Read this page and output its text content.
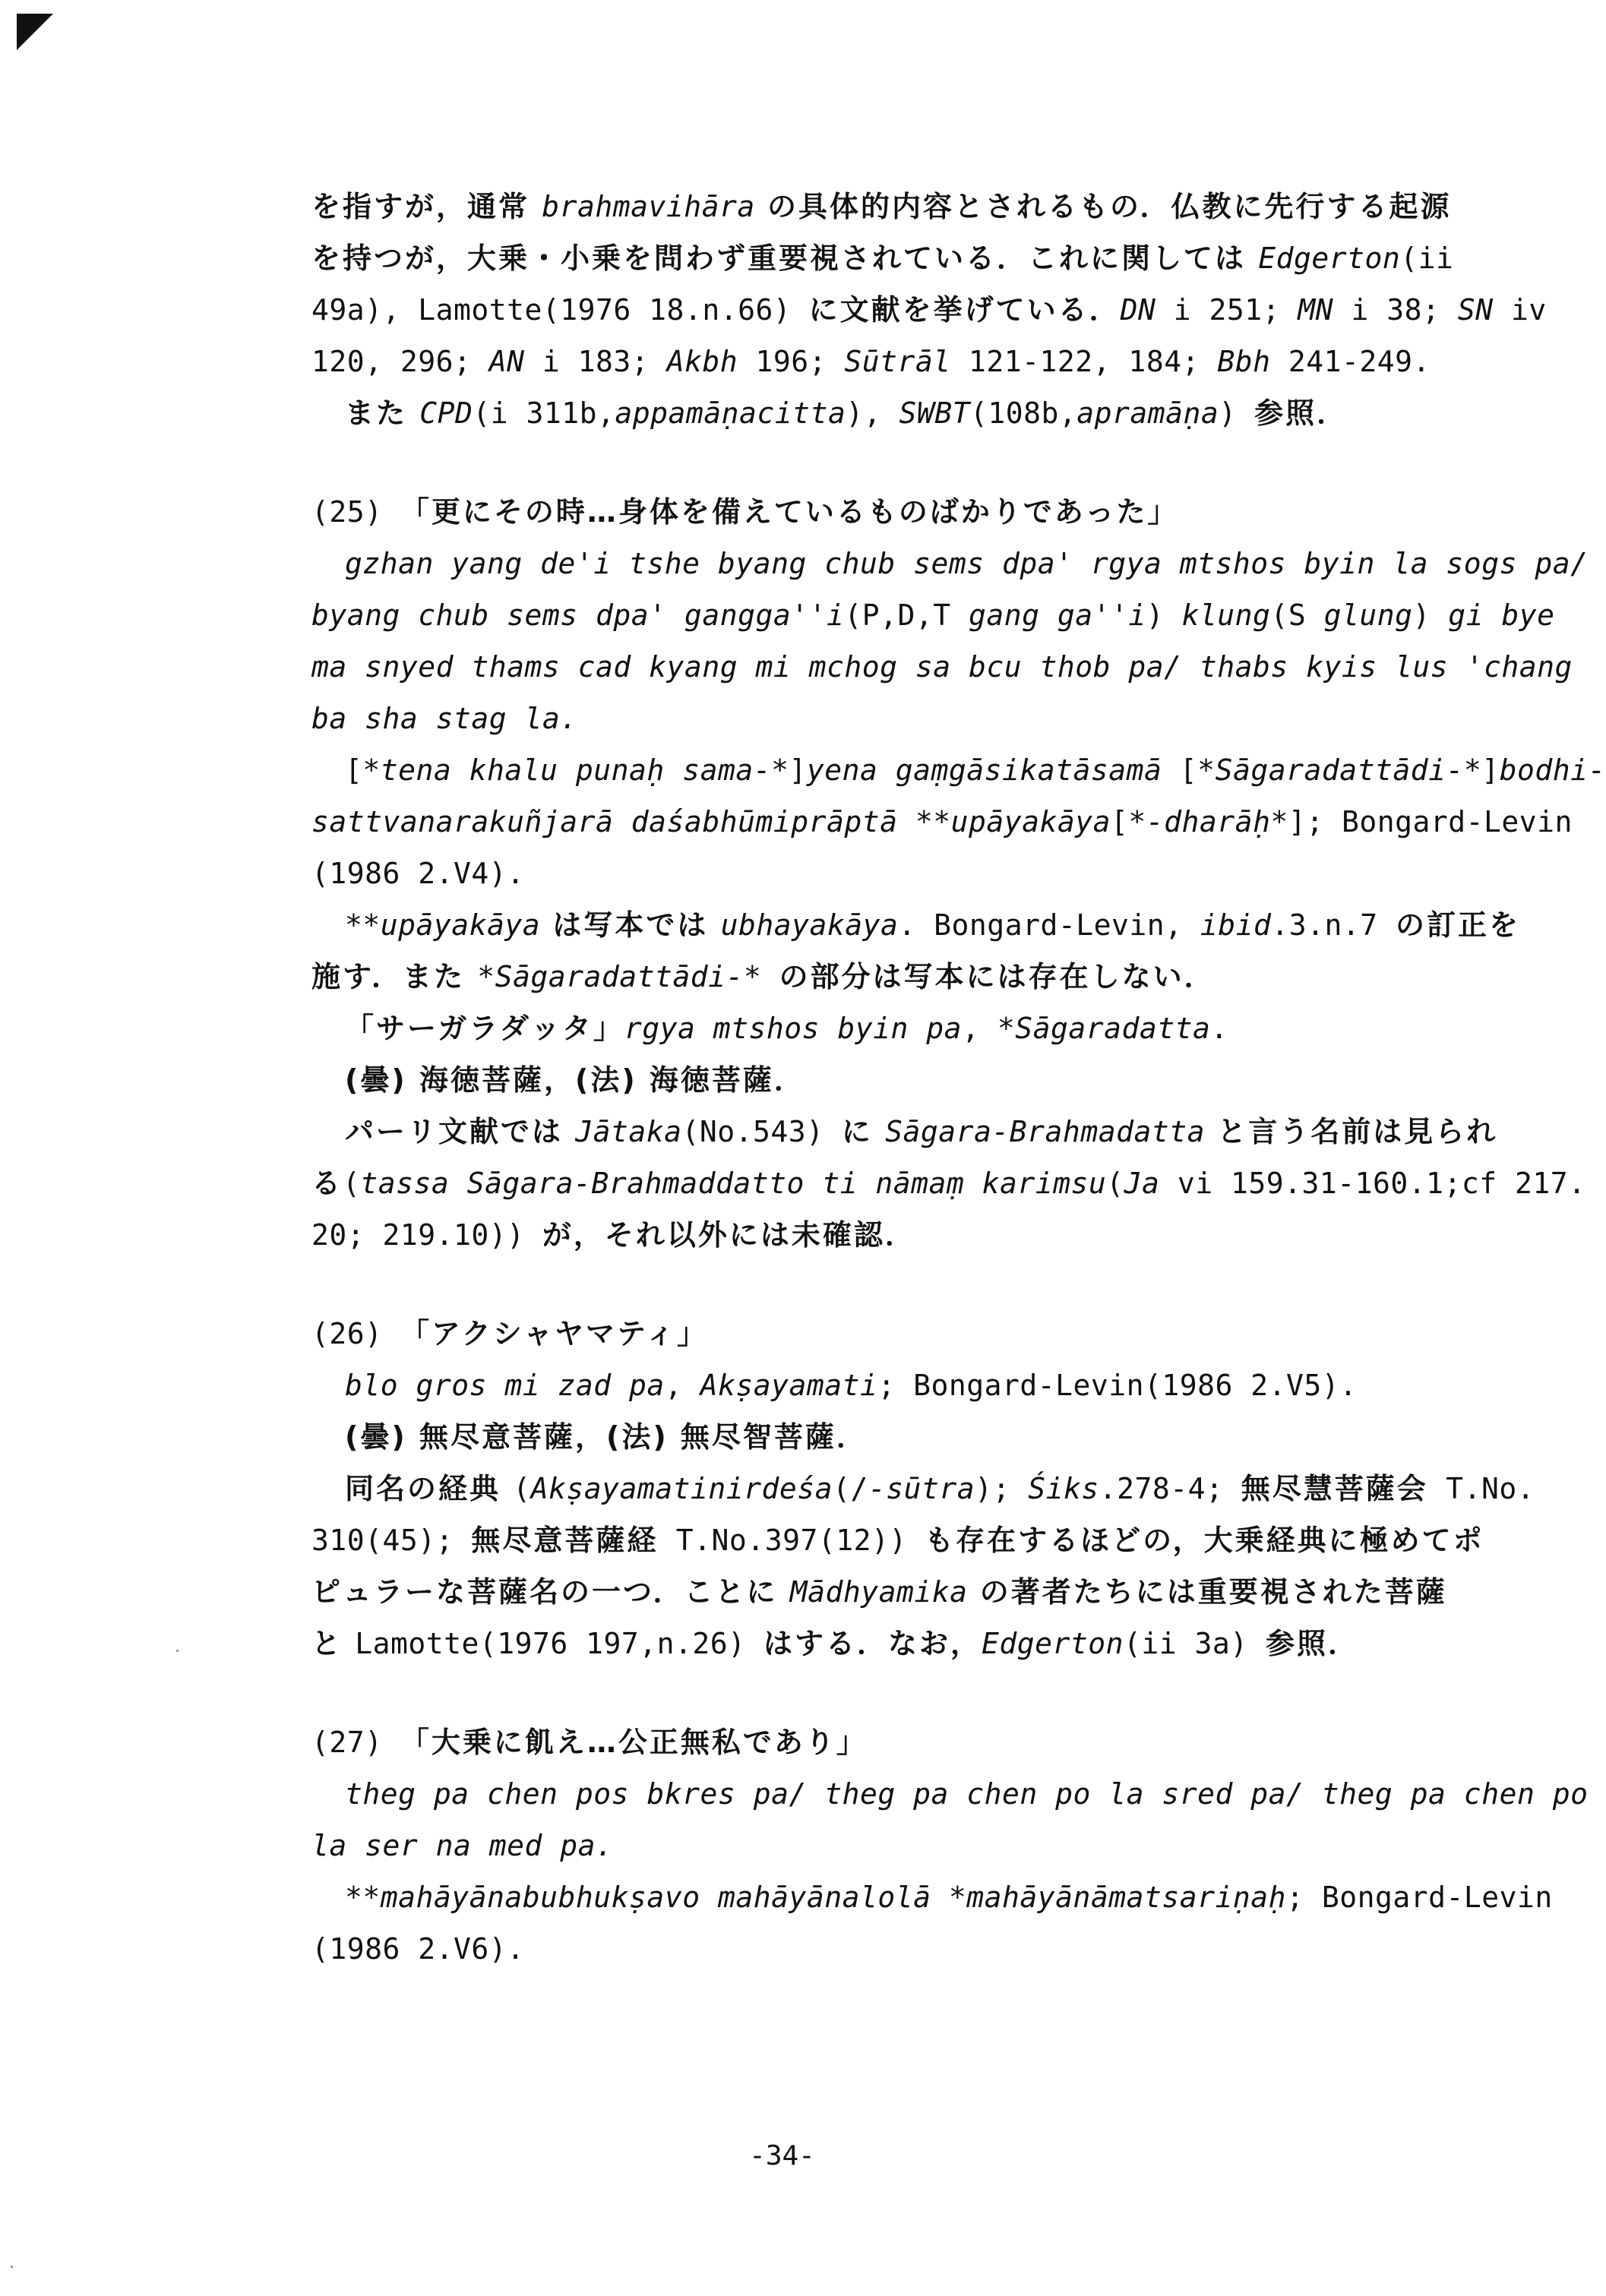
を指すが，通常 brahmavihāra の具体的内容とされるもの．仏教に先行する起源
を持つが，大乗・小乗を問わず重要視されている．これに関しては Edgerton(ii
49a), Lamotte(1976 18.n.66) に文献を挙げている．DN i 251; MN i 38; SN iv
120, 296; AN i 183; Akbh 196; Sūtrāl 121-122, 184; Bbh 241-249.
また CPD(i 311b,appamāṇacitta), SWBT(108b,apramāṇa) 参照．
(25) 「更にその時…身体を備えているものばかりであった」
gzhan yang de'i tshe byang chub sems dpa' rgya mtshos byin la sogs pa/
byang chub sems dpa' gangga''i(P,D,T gang ga''i) klung(S glung) gi bye
ma snyed thams cad kyang mi mchog sa bcu thob pa/ thabs kyis lus 'chang
ba sha stag la.
[*tena khalu punaḥ sama-*]yena gaṃgāsikatāsamā [*Sāgaradattādi-*]bodhi-
sattvanarakuñjarā daśabhūmiprāptā **upāyakāya[*-dharāḥ*]; Bongard-Levin
(1986 2.V4).
**upāyakāya は写本では ubhayakāya. Bongard-Levin, ibid.3.n.7 の訂正を
施す．また *Sāgaradattādi-* の部分は写本には存在しない．
「サーガラダッタ」rgya mtshos byin pa, *Sāgaradatta.
(曇) 海徳菩薩，(法) 海徳菩薩．
パーリ文献では Jātaka(No.543) に Sāgara-Brahmadatta と言う名前は見られ
る(tassa Sāgara-Brahmaddatto ti nāmaṃ karimsu(Ja vi 159.31-160.1;cf 217.
20; 219.10)) が，それ以外には未確認．
(26) 「アクシャヤマティ」
blo gros mi zad pa, Akṣayamati; Bongard-Levin(1986 2.V5).
(曇) 無尽意菩薩，(法) 無尽智菩薩．
同名の経典 (Akṣayamatinirdeśa(/-sūtra); Śiks.278-4; 無尽慧菩薩会 T.No.
310(45); 無尽意菩薩経 T.No.397(12)) も存在するほどの，大乗経典に極めてポ
ピュラーな菩薩名の一つ．ことに Mādhyamika の著者たちには重要視された菩薩
と Lamotte(1976 197,n.26) はする．なお，Edgerton(ii 3a) 参照．
(27) 「大乗に飢え…公正無私であり」
theg pa chen pos bkres pa/ theg pa chen po la sred pa/ theg pa chen po
la ser na med pa.
**mahāyānabubhukṣavo mahāyānalolā *mahāyānāmatsariṇaḥ; Bongard-Levin
(1986 2.V6).
-34-
